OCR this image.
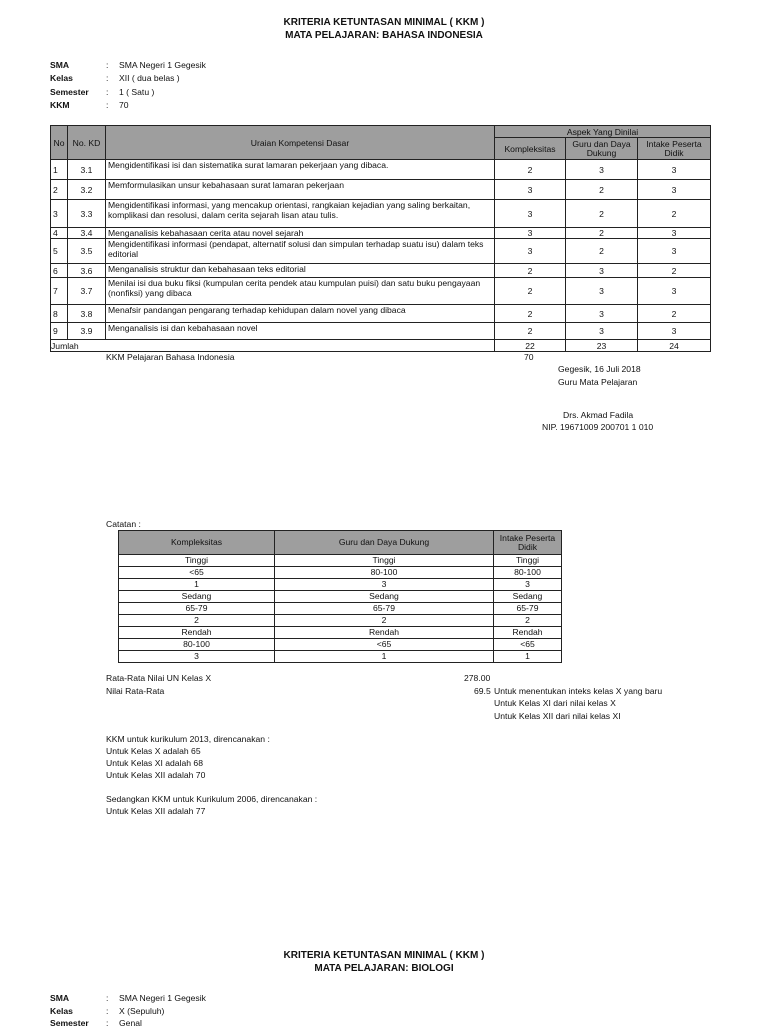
KRITERIA KETUNTASAN MINIMAL ( KKM )
MATA PELAJARAN: BAHASA INDONESIA
SMA	: SMA Negeri 1 Gegesik
Kelas	: XII ( dua belas )
Semester : 1 ( Satu )
KKM	: 70
No	No. KD	Uraian Kompetensi Dasar	Aspek Yang Dinilai		
			Kompleksitas	Guru dan Daya Dukung	Intake Peserta Didik
1	3.1	Mengidentifikasi isi dan sistematika surat lamaran pekerjaan yang dibaca.	2	3	3
2	3.2	Memformulasikan unsur kebahasaan surat lamaran pekerjaan	3	2	3
3	3.3	Mengidentifikasi informasi, yang mencakup orientasi, rangkaian kejadian yang saling berkaitan, komplikasi dan resolusi, dalam cerita sejarah lisan atau tulis.	3	2	2
4	3.4	Menganalisis kebahasaan cerita atau novel sejarah	3	2	3
5	3.5	Mengidentifikasi informasi (pendapat, alternatif solusi dan simpulan terhadap suatu isu) dalam teks editorial	3	2	3
6	3.6	Menganalisis struktur dan kebahasaan teks editorial	2	3	2
7	3.7	Menilai isi dua buku fiksi (kumpulan cerita pendek atau kumpulan puisi) dan satu buku pengayaan (nonfiksi) yang dibaca	2	3	3
8	3.8	Menafsir pandangan pengarang terhadap kehidupan dalam novel yang dibaca	2	3	2
9	3.9	Menganalisis isi dan kebahasaan novel	2	3	3
Jumlah			22	23	24
KKM Pelajaran Bahasa Indonesia	70
Gegesik, 16 Juli 2018
Guru Mata Pelajaran
Drs. Akmad Fadila
NIP. 19671009 200701 1 010
Catatan :
Kompleksitas	Guru dan Daya Dukung	Intake Peserta Didik
Tinggi	Tinggi	Tinggi
<65	80-100	80-100
1	3	3
Sedang	Sedang	Sedang
65-79	65-79	65-79
2	2	2
Rendah	Rendah	Rendah
80-100	<65	<65
3	1	1
Rata-Rata Nilai UN Kelas X	278.00
Nilai Rata-Rata	69.5 Untuk menentukan inteks kelas X yang baru
Untuk Kelas XI dari nilai kelas X
Untuk Kelas XII dari nilai kelas XI
KKM untuk kurikulum 2013, direncanakan :
Untuk Kelas X adalah 65
Untuk Kelas XI adalah 68
Untuk Kelas XII adalah 70
Sedangkan KKM untuk Kurikulum 2006, direncanakan :
Untuk Kelas XII adalah 77
KRITERIA KETUNTASAN MINIMAL ( KKM )
MATA PELAJARAN: BIOLOGI
SMA	: SMA Negeri 1 Gegesik
Kelas	: X (Sepuluh)
Semester : Genal
